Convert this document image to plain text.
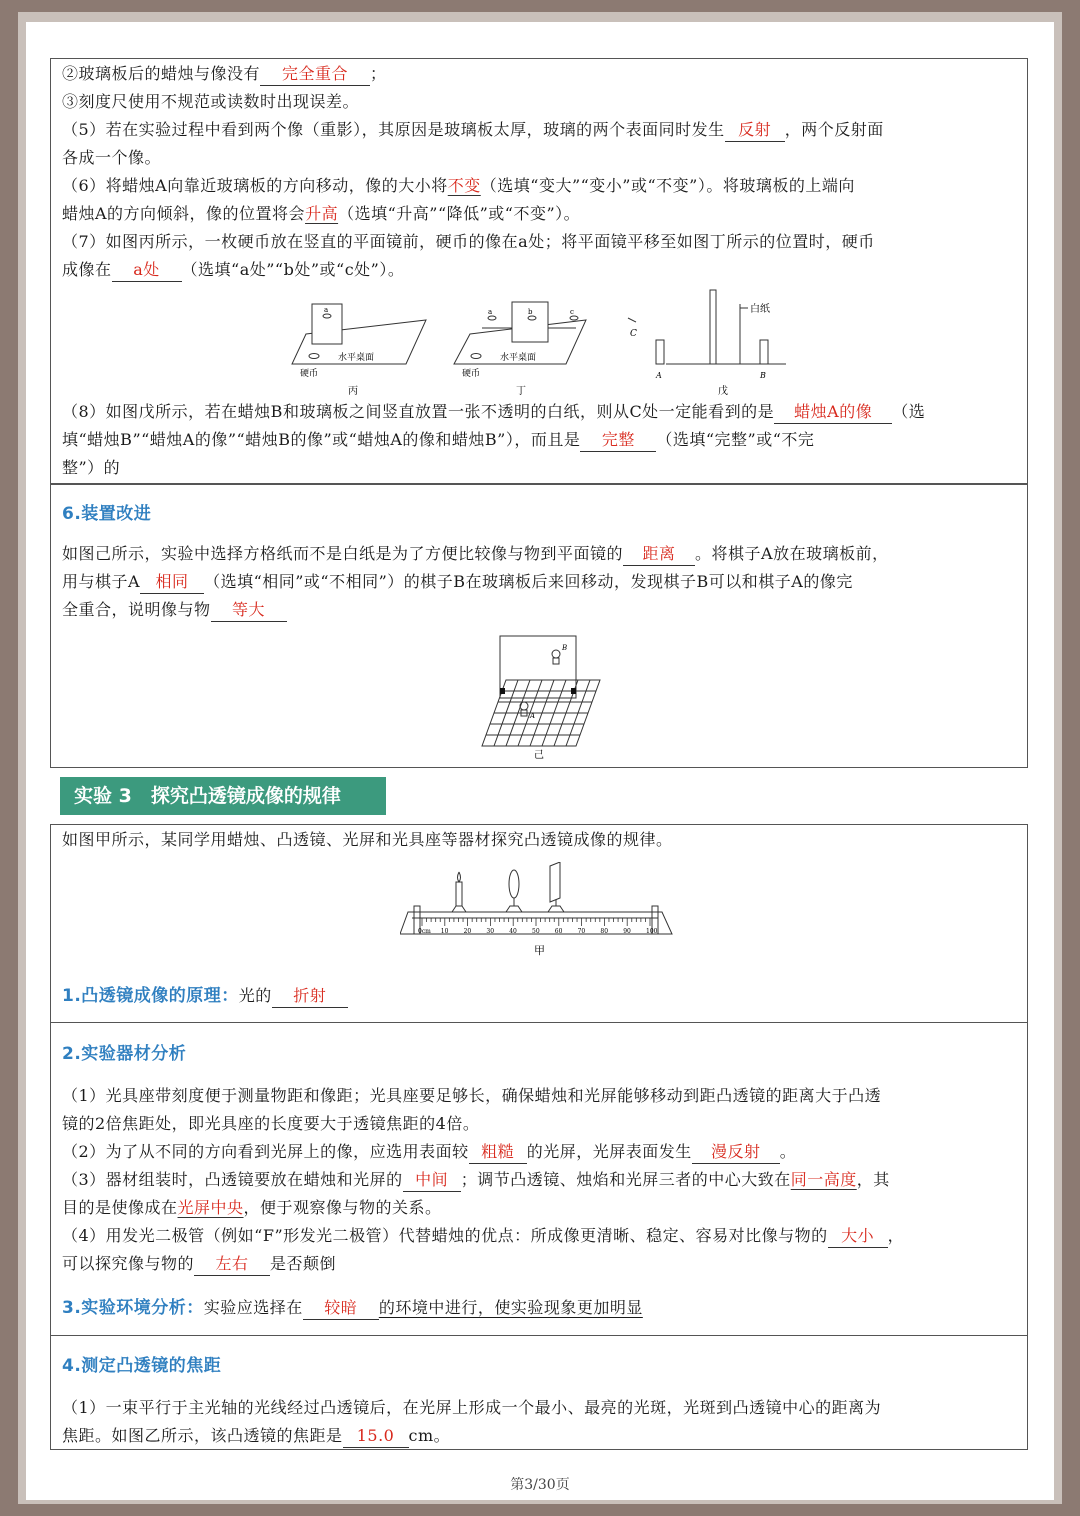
②玻璃板后的蜡烛与像没有 完全重合 ；
③刻度尺使用不规范或读数时出现误差。
（5）若在实验过程中看到两个像（重影），其原因是玻璃板太厚，玻璃的两个表面同时发生 反射 ，两个反射面
各成一个像。
（6）将蜡烛A向靠近玻璃板的方向移动，像的大小将不变（选填“变大”“变小”或“不变”）。将玻璃板的上端向
蜡烛A的方向倾斜，像的位置将会升高（选填“升高”“降低”或“不变”）。
（7）如图丙所示，一枚硬币放在竖直的平面镜前，硬币的像在a处；将平面镜平移至如图丁所示的位置时，硬币
成像在 a处 （选填“a处”“b处”或“c处”）。
a	a	b	c
C
A	B
水平桌面	水平桌面
硬币	硬币
白纸
丙	丁	戊
（8）如图戊所示，若在蜡烛B和玻璃板之间竖直放置一张不透明的白纸，则从C处一定能看到的是 蜡烛A的像 （选
填“蜡烛B”“蜡烛A的像”“蜡烛B的像”或“蜡烛A的像和蜡烛B”），而且是 完整 （选填“完整”或“不完
整”）的
6.装置改进
如图己所示，实验中选择方格纸而不是白纸是为了方便比较像与物到平面镜的 距离 。将棋子A放在玻璃板前，
用与棋子A 相同 （选填“相同”或“不相同”）的棋子B在玻璃板后来回移动，发现棋子B可以和棋子A的像完
全重合，说明像与物 等大
B
A
己
实验 3　探究凸透镜成像的规律
如图甲所示，某同学用蜡烛、凸透镜、光屏和光具座等器材探究凸透镜成像的规律。
0cm 10	20	30	40	50	60	70	80	90	100
甲
1.凸透镜成像的原理：光的 折射
2.实验器材分析
（1）光具座带刻度便于测量物距和像距；光具座要足够长，确保蜡烛和光屏能够移动到距凸透镜的距离大于凸透
镜的2倍焦距处，即光具座的长度要大于透镜焦距的4倍。
（2）为了从不同的方向看到光屏上的像，应选用表面较 粗糙 的光屏，光屏表面发生 漫反射 。
（3）器材组装时，凸透镜要放在蜡烛和光屏的 中间 ；调节凸透镜、烛焰和光屏三者的中心大致在同一高度，其
目的是使像成在光屏中央，便于观察像与物的关系。
（4）用发光二极管（例如“F”形发光二极管）代替蜡烛的优点：所成像更清晰、稳定、容易对比像与物的 大小 ，
可以探究像与物的 左右 是否颠倒
3.实验环境分析：实验应选择在 较暗 的环境中进行，使实验现象更加明显
4.测定凸透镜的焦距
（1）一束平行于主光轴的光线经过凸透镜后，在光屏上形成一个最小、最亮的光斑，光斑到凸透镜中心的距离为
焦距。如图乙所示，该凸透镜的焦距是 15.0 cm。
第3/30页
